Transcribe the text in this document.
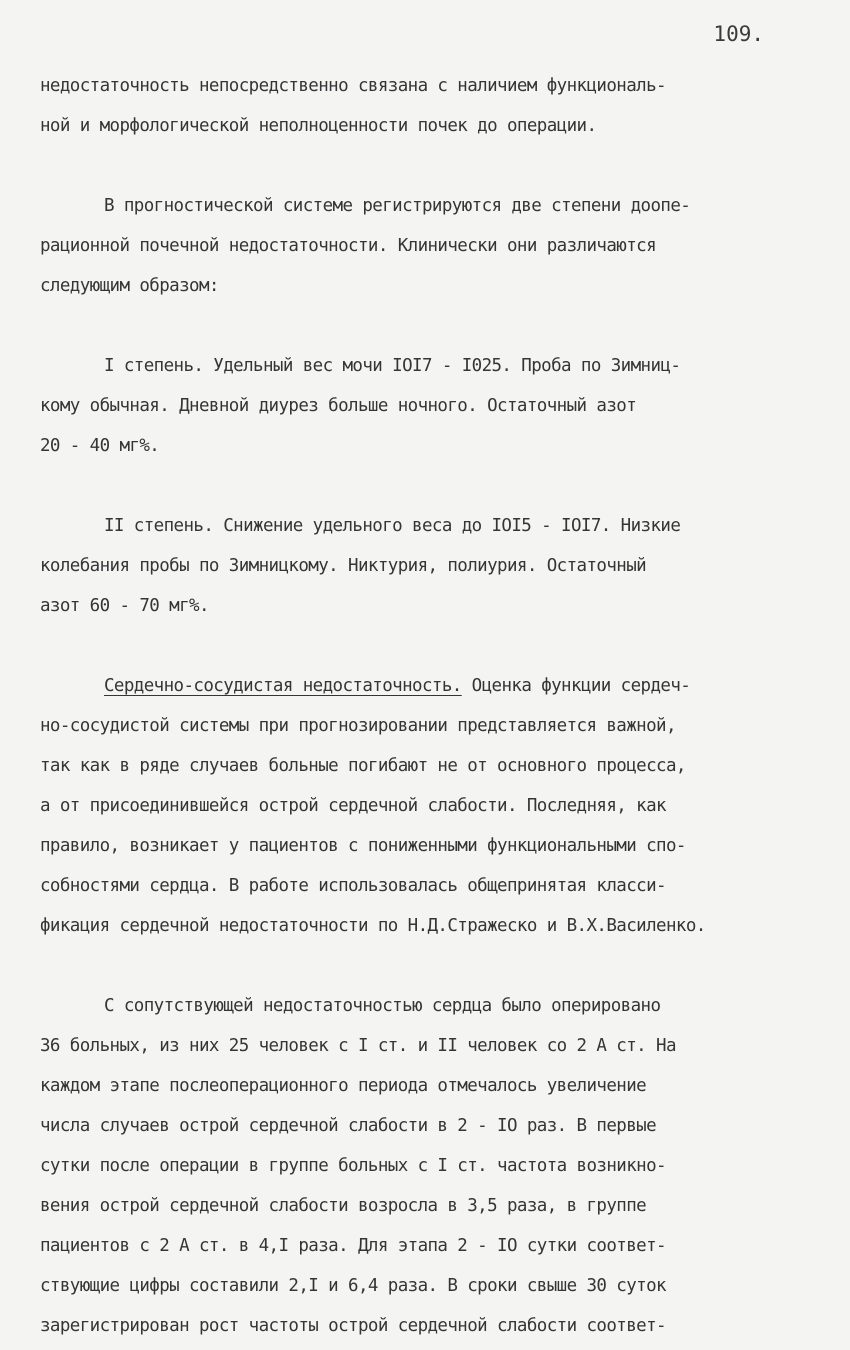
109.
недостаточность непосредственно связана с наличием функциональ-
ной и морфологической неполноценности почек до операции.
В прогностической системе регистрируются две степени доопе-
рационной почечной недостаточности. Клинически они различаются
следующим образом:
I степень. Удельный вес мочи IOI7 - I025. Проба по Зимниц-
кому обычная. Дневной диурез больше ночного. Остаточный азот
20 - 40 мг%.
II степень. Снижение удельного веса до IOI5 - IOI7. Низкие
колебания пробы по Зимницкому. Никтурия, полиурия. Остаточный
азот 60 - 70 мг%.
Сердечно-сосудистая недостаточность. Оценка функции сердеч-
но-сосудистой системы при прогнозировании представляется важной,
так как в ряде случаев больные погибают не от основного процесса,
а от присоединившейся острой сердечной слабости. Последняя, как
правило, возникает у пациентов с пониженными функциональными спо-
собностями сердца. В работе использовалась общепринятая класси-
фикация сердечной недостаточности по Н.Д.Стражеско и В.Х.Василенко.
С сопутствующей недостаточностью сердца было оперировано
36 больных, из них 25 человек с I ст. и II человек со 2 А ст. На
каждом этапе послеоперационного периода отмечалось увеличение
числа случаев острой сердечной слабости в 2 - IO раз. В первые
сутки после операции в группе больных с I ст. частота возникно-
вения острой сердечной слабости возросла в 3,5 раза, в группе
пациентов с 2 А ст. в 4,I раза. Для этапа 2 - IO сутки соответ-
ствующие цифры составили 2,I и 6,4 раза. В сроки свыше 30 суток
зарегистрирован рост частоты острой сердечной слабости соответ-
